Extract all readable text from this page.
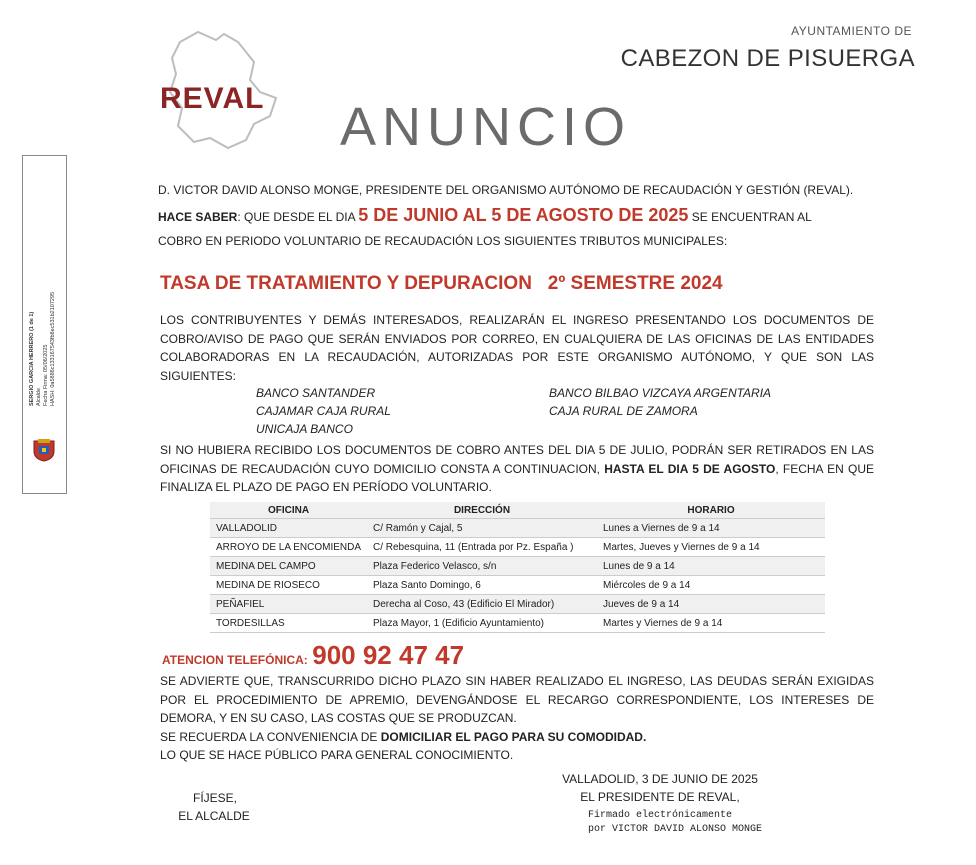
SERGIO GARCIA HERRERO (1 de 1) Alcalde Fecha Firma: 05/06/2025 HASH: 0a5886c133167543fb8ec531b2107295
REVAL
AYUNTAMIENTO DE
CABEZON DE PISUERGA
ANUNCIO
D. VICTOR DAVID ALONSO MONGE, PRESIDENTE DEL ORGANISMO AUTÓNOMO DE RECAUDACIÓN Y GESTIÓN (REVAL).
HACE SABER: QUE DESDE EL DIA 5 DE JUNIO AL 5 DE AGOSTO DE 2025 SE ENCUENTRAN AL
COBRO EN PERIODO VOLUNTARIO DE RECAUDACIÓN LOS SIGUIENTES TRIBUTOS MUNICIPALES:
TASA DE TRATAMIENTO Y DEPURACION   2º SEMESTRE 2024
LOS CONTRIBUYENTES Y DEMÁS INTERESADOS, REALIZARÁN EL INGRESO PRESENTANDO LOS DOCUMENTOS DE COBRO/AVISO DE PAGO QUE SERÁN ENVIADOS POR CORREO, EN CUALQUIERA DE LAS OFICINAS DE LAS ENTIDADES COLABORADORAS EN LA RECAUDACIÓN, AUTORIZADAS POR ESTE ORGANISMO AUTÓNOMO, Y QUE SON LAS SIGUIENTES:
BANCO SANTANDER
CAJAMAR CAJA RURAL
UNICAJA BANCO
BANCO BILBAO VIZCAYA ARGENTARIA
CAJA RURAL DE ZAMORA
SI NO HUBIERA RECIBIDO LOS DOCUMENTOS DE COBRO ANTES DEL DIA 5 DE JULIO, PODRÁN SER RETIRADOS EN LAS OFICINAS DE RECAUDACIÓN CUYO DOMICILIO CONSTA A CONTINUACION, HASTA EL DIA 5 DE AGOSTO, FECHA EN QUE FINALIZA EL PLAZO DE PAGO EN PERÍODO VOLUNTARIO.
OFICINA	DIRECCIÓN	HORARIO
VALLADOLID	C/ Ramón y Cajal, 5	Lunes a Viernes de 9 a 14
ARROYO DE LA ENCOMIENDA	C/ Rebesquina, 11 (Entrada por Pz. España )	Martes, Jueves y Viernes de 9 a 14
MEDINA DEL CAMPO	Plaza Federico Velasco, s/n	Lunes de 9 a 14
MEDINA DE RIOSECO	Plaza Santo Domingo, 6	Miércoles de 9 a 14
PEÑAFIEL	Derecha al Coso, 43 (Edificio El Mirador)	Jueves de 9 a 14
TORDESILLAS	Plaza Mayor, 1 (Edificio Ayuntamiento)	Martes y Viernes de 9 a 14
ATENCION TELEFÓNICA: 900 92 47 47
SE ADVIERTE QUE, TRANSCURRIDO DICHO PLAZO SIN HABER REALIZADO EL INGRESO, LAS DEUDAS SERÁN EXIGIDAS POR EL PROCEDIMIENTO DE APREMIO, DEVENGÁNDOSE EL RECARGO CORRESPONDIENTE, LOS INTERESES DE DEMORA, Y EN SU CASO, LAS COSTAS QUE SE PRODUZCAN.
SE RECUERDA LA CONVENIENCIA DE DOMICILIAR EL PAGO PARA SU COMODIDAD.
LO QUE SE HACE PÚBLICO PARA GENERAL CONOCIMIENTO.
FÍJESE,
EL ALCALDE
VALLADOLID, 3 DE JUNIO DE 2025
EL PRESIDENTE DE REVAL,
Firmado electrónicamente
por VICTOR DAVID ALONSO MONGE
